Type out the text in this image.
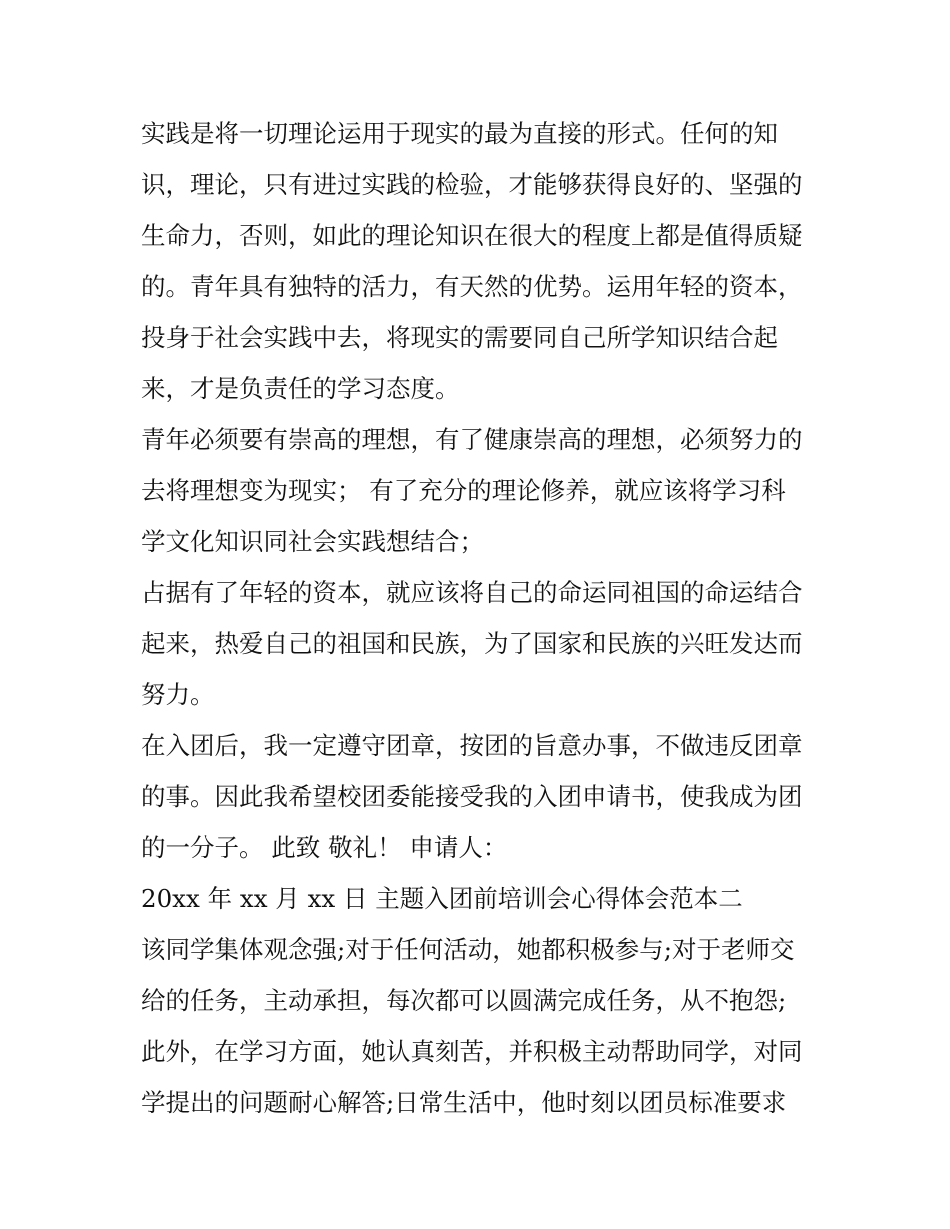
实践是将一切理论运用于现实的最为直接的形式。任何的知
识，理论，只有进过实践的检验，才能够获得良好的、坚强的
生命力，否则，如此的理论知识在很大的程度上都是值得质疑
的。青年具有独特的活力，有天然的优势。运用年轻的资本，
投身于社会实践中去，将现实的需要同自己所学知识结合起
来，才是负责任的学习态度。
青年必须要有崇高的理想，有了健康崇高的理想，必须努力的
去将理想变为现实； 有了充分的理论修养，就应该将学习科
学文化知识同社会实践想结合；
占据有了年轻的资本，就应该将自己的命运同祖国的命运结合
起来，热爱自己的祖国和民族，为了国家和民族的兴旺发达而
努力。
在入团后，我一定遵守团章，按团的旨意办事，不做违反团章
的事。因此我希望校团委能接受我的入团申请书，使我成为团
的一分子。 此致 敬礼！ 申请人：
20xx 年 xx 月 xx 日 主题入团前培训会心得体会范本二
该同学集体观念强;对于任何活动，她都积极参与;对于老师交
给的任务，主动承担，每次都可以圆满完成任务，从不抱怨;
此外，在学习方面，她认真刻苦，并积极主动帮助同学，对同
学提出的问题耐心解答;日常生活中，他时刻以团员标准要求
